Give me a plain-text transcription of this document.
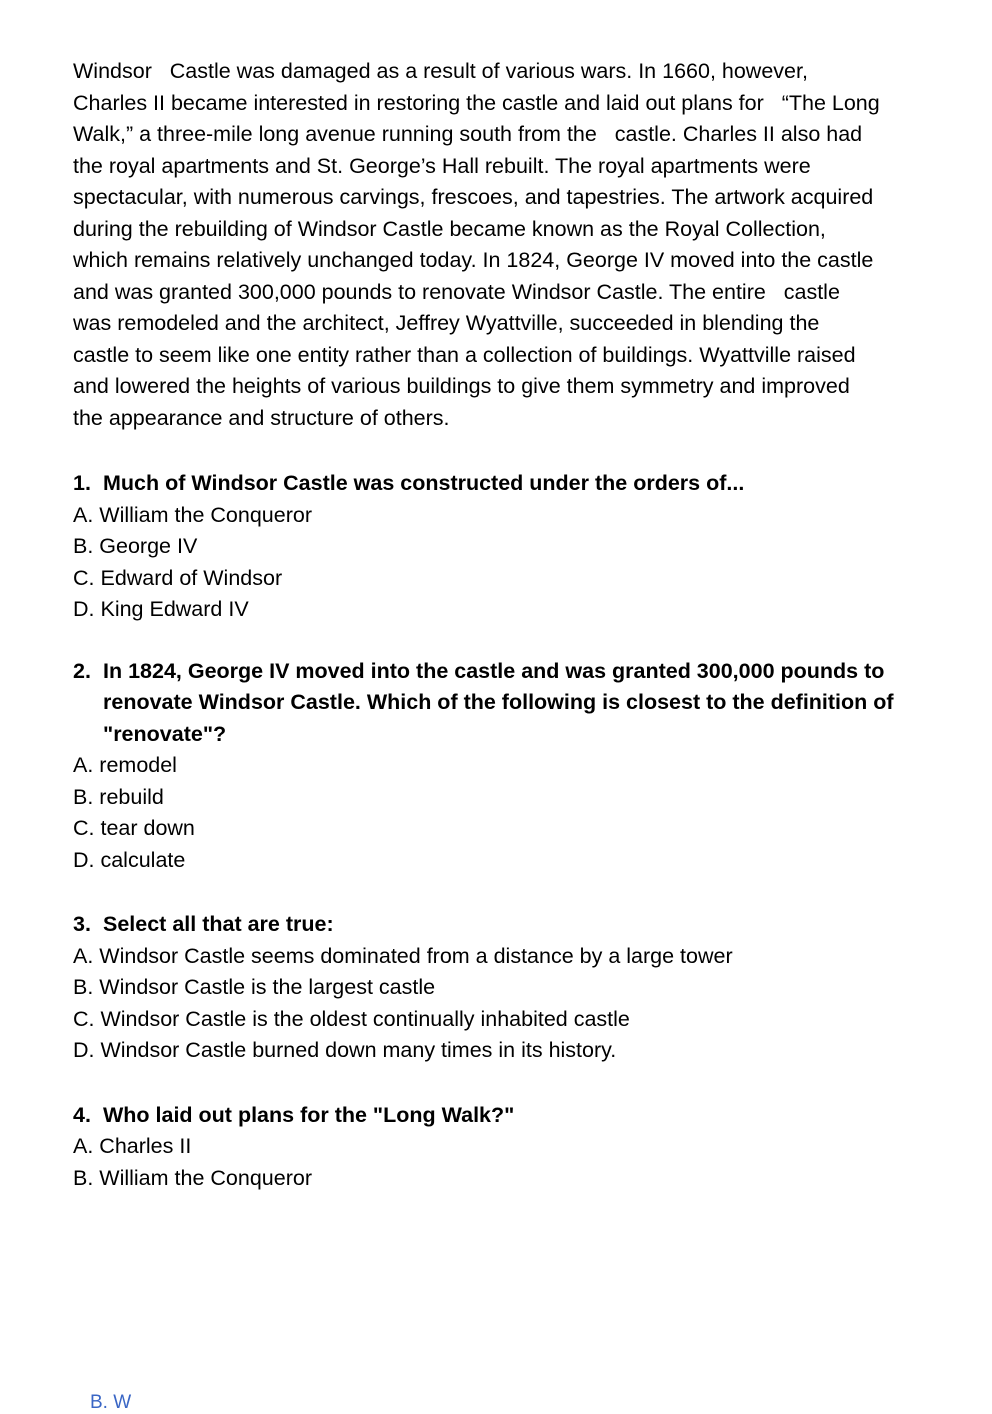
Windsor   Castle was damaged as a result of various wars. In 1660, however,
Charles II became interested in restoring the castle and laid out plans for   “The Long
Walk,” a three-mile long avenue running south from the   castle. Charles II also had
the royal apartments and St. George’s Hall rebuilt. The royal apartments were
spectacular, with numerous carvings, frescoes, and tapestries. The artwork acquired
during the rebuilding of Windsor Castle became known as the Royal Collection,
which remains relatively unchanged today. In 1824, George IV moved into the castle
and was granted 300,000 pounds to renovate Windsor Castle. The entire   castle
was remodeled and the architect, Jeffrey Wyattville, succeeded in blending the
castle to seem like one entity rather than a collection of buildings. Wyattville raised
and lowered the heights of various buildings to give them symmetry and improved
the appearance and structure of others.
1. Much of Windsor Castle was constructed under the orders of...
A. William the Conqueror
B. George IV
C. Edward of Windsor
D. King Edward IV
2. In 1824, George IV moved into the castle and was granted 300,000 pounds to
renovate Windsor Castle. Which of the following is closest to the definition of
"renovate"?
A. remodel
B. rebuild
C. tear down
D. calculate
3. Select all that are true:
A. Windsor Castle seems dominated from a distance by a large tower
B. Windsor Castle is the largest castle
C. Windsor Castle is the oldest continually inhabited castle
D. Windsor Castle burned down many times in its history.
4. Who laid out plans for the "Long Walk?"
A. Charles II
B. William the Conqueror
B. W
